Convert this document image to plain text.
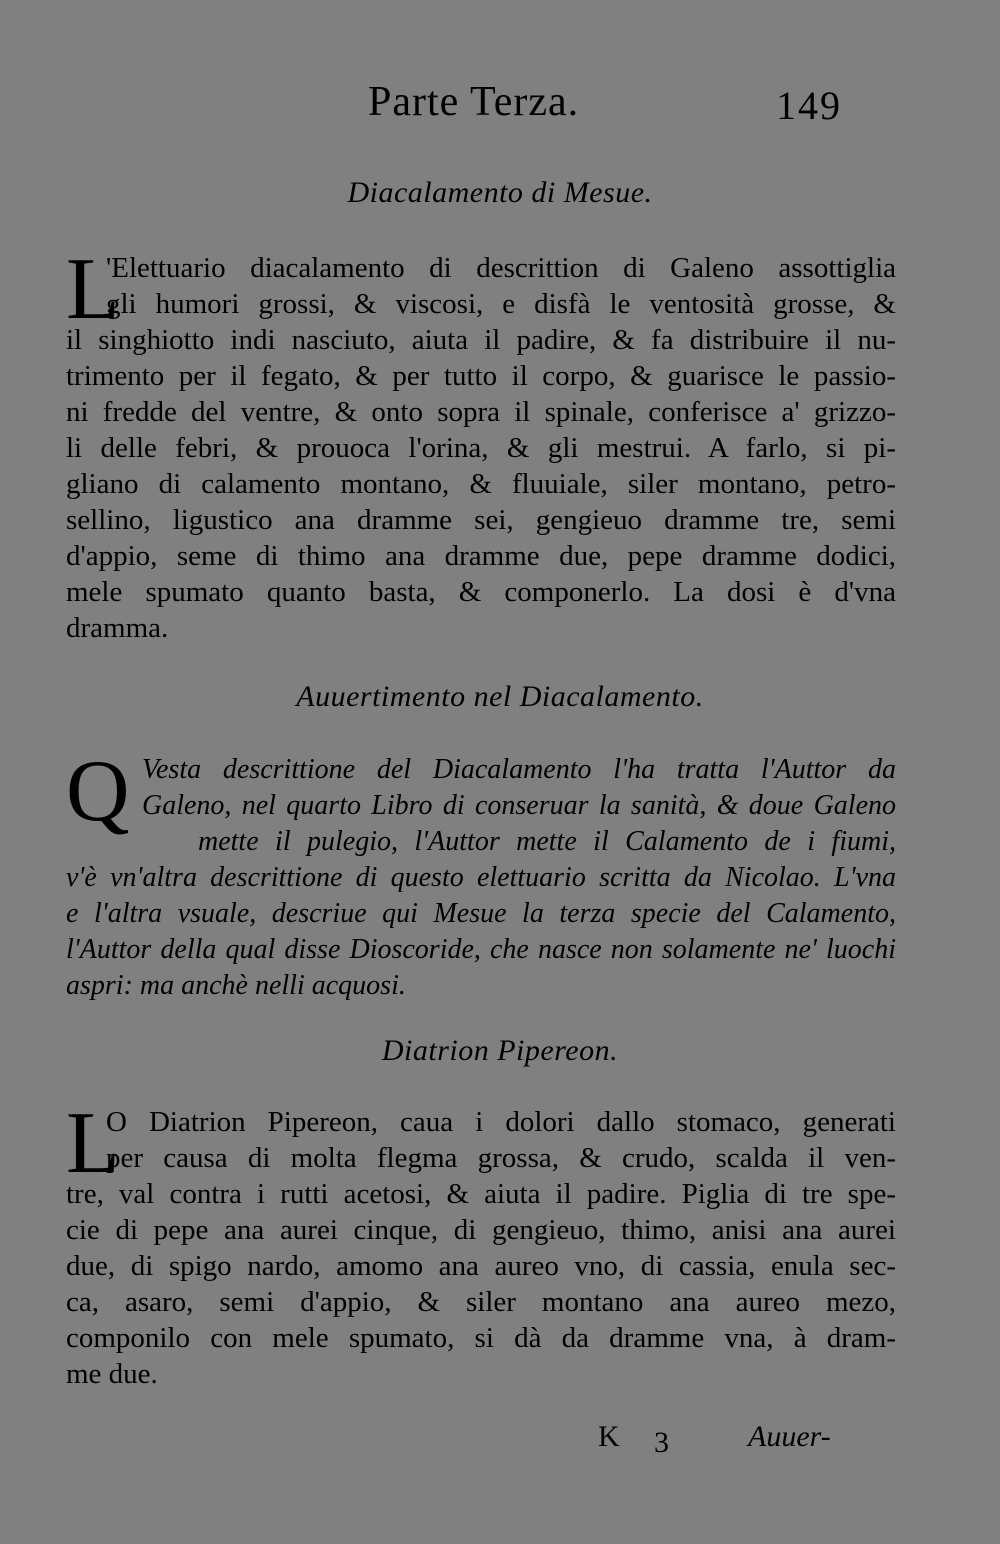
Parte Terza.	149
Diacalamento di Mesue.
L
'Elettuario diacalamento di descrittion di Galeno assottiglia
gli humori grossi, & viscosi, e disfà le ventosità grosse, &
il singhiotto indi nasciuto, aiuta il padire, & fa distribuire il nu-
trimento per il fegato, & per tutto il corpo, & guarisce le passio-
ni fredde del ventre, & onto sopra il spinale, conferisce a' grizzo-
li delle febri, & prouoca l'orina, & gli mestrui. A farlo, si pi-
gliano di calamento montano, & fluuiale, siler montano, petro-
sellino, ligustico ana dramme sei, gengieuo dramme tre, semi
d'appio, seme di thimo ana dramme due, pepe dramme dodici,
mele spumato quanto basta, & componerlo. La dosi è d'vna
dramma.
Auuertimento nel Diacalamento.
Q Vesta descrittione del Diacalamento l'ha tratta l'Auttor da
Galeno, nel quarto Libro di conseruar la sanità, & doue Galeno
mette il pulegio, l'Auttor mette il Calamento de i fiumi,
v'è vn'altra descrittione di questo elettuario scritta da Nicolao. L'vna
e l'altra vsuale, descriue qui Mesue la terza specie del Calamento,
l'Auttor della qual disse Dioscoride, che nasce non solamente ne' luochi
aspri: ma anchè nelli acquosi.
Diatrion Pipereon.
L
O Diatrion Pipereon, caua i dolori dallo stomaco, generati
per causa di molta flegma grossa, & crudo, scalda il ven-
tre, val contra i rutti acetosi, & aiuta il padire. Piglia di tre spe-
cie di pepe ana aurei cinque, di gengieuo, thimo, anisi ana aurei
due, di spigo nardo, amomo ana aureo vno, di cassia, enula sec-
ca, asaro, semi d'appio, & siler montano ana aureo mezo,
componilo con mele spumato, si dà da dramme vna, à dram-
me due.
K 3	Auuer-
